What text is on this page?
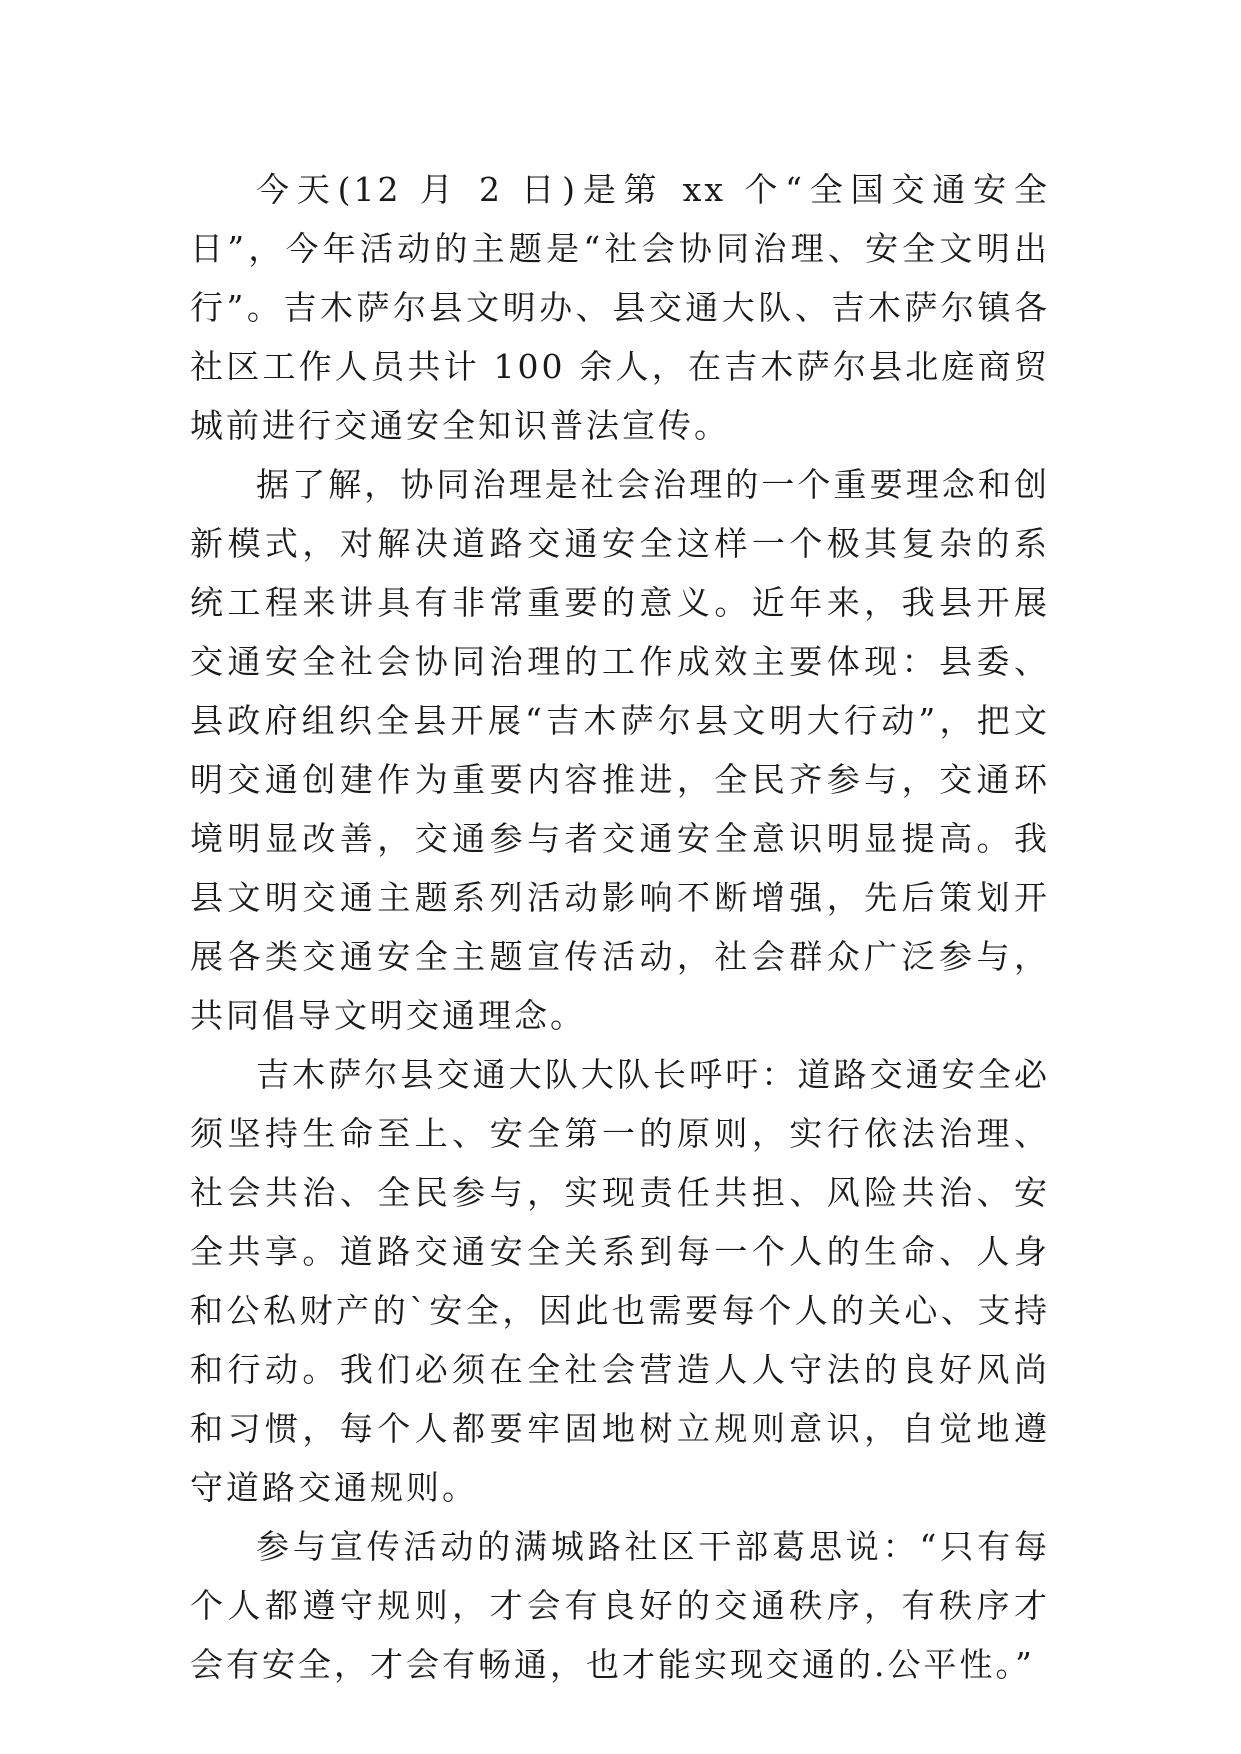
今天(12 月 2 日)是第 xx 个“全国交通安全日”，今年活动的主题是“社会协同治理、安全文明出行”。吉木萨尔县文明办、县交通大队、吉木萨尔镇各社区工作人员共计 100 余人，在吉木萨尔县北庭商贸城前进行交通安全知识普法宣传。

据了解，协同治理是社会治理的一个重要理念和创新模式，对解决道路交通安全这样一个极其复杂的系统工程来讲具有非常重要的意义。近年来，我县开展交通安全社会协同治理的工作成效主要体现：县委、县政府组织全县开展“吉木萨尔县文明大行动”，把文明交通创建作为重要内容推进，全民齐参与，交通环境明显改善，交通参与者交通安全意识明显提高。我县文明交通主题系列活动影响不断增强，先后策划开展各类交通安全主题宣传活动，社会群众广泛参与，共同倡导文明交通理念。

吉木萨尔县交通大队大队长呼吁：道路交通安全必须坚持生命至上、安全第一的原则，实行依法治理、社会共治、全民参与，实现责任共担、风险共治、安全共享。道路交通安全关系到每一个人的生命、人身和公私财产的`安全，因此也需要每个人的关心、支持和行动。我们必须在全社会营造人人守法的良好风尚和习惯，每个人都要牢固地树立规则意识，自觉地遵守道路交通规则。

参与宣传活动的满城路社区干部葛思说：“只有每个人都遵守规则，才会有良好的交通秩序，有秩序才会有安全，才会有畅通，也才能实现交通的.公平性。”
